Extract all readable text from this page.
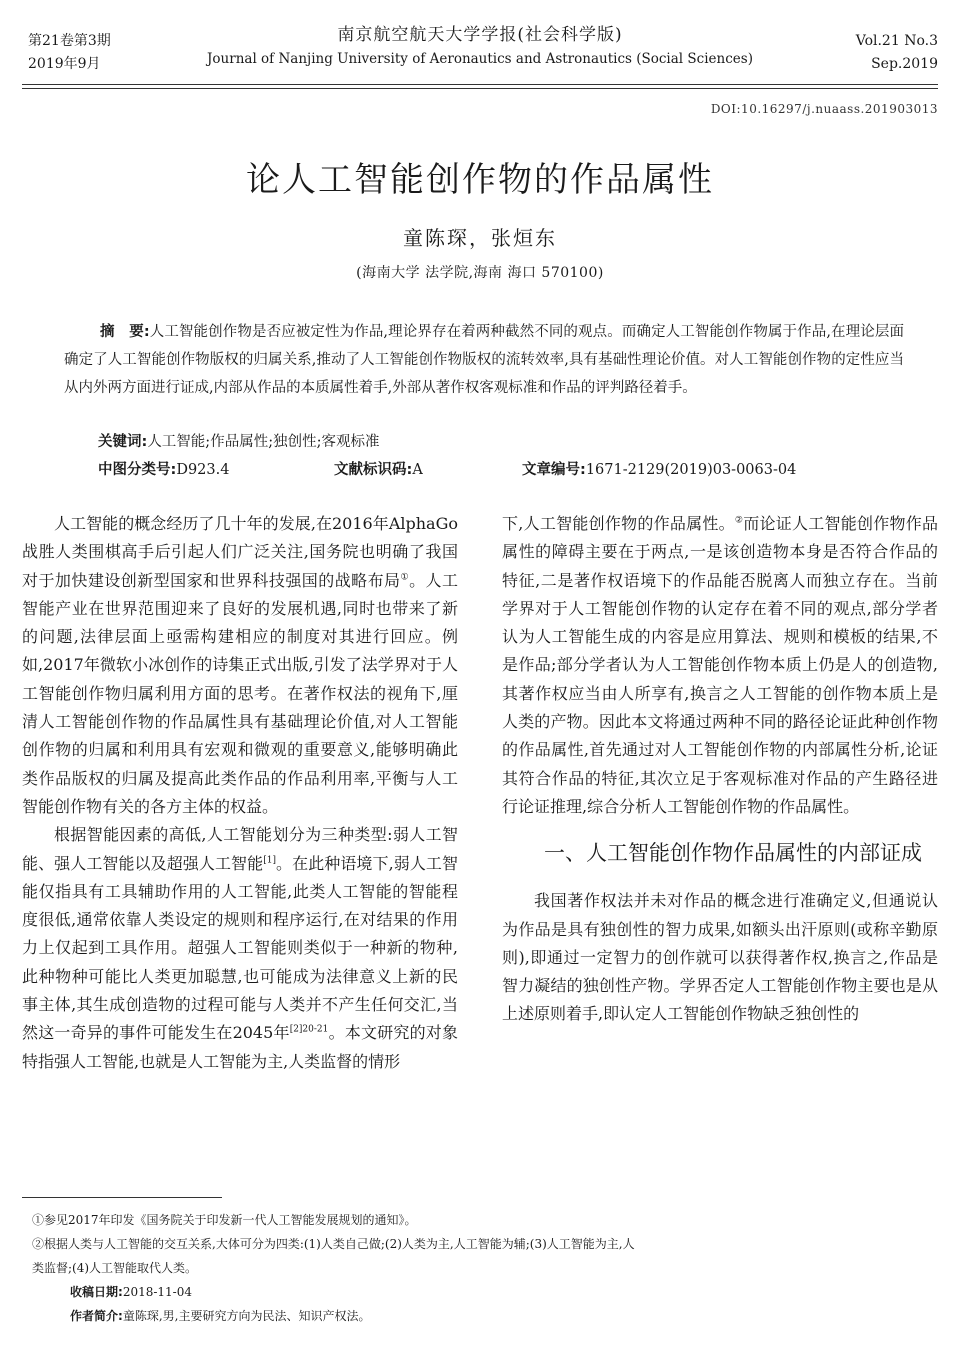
第21卷第3期
2019年9月
南京航空航天大学学报(社会科学版)
Journal of Nanjing University of Aeronautics and Astronautics (Social Sciences)
Vol.21 No.3
Sep.2019
DOI:10.16297/j.nuaass.201903013
论人工智能创作物的作品属性
童陈琛，张烜东
(海南大学 法学院,海南 海口 570100)
摘　要:人工智能创作物是否应被定性为作品,理论界存在着两种截然不同的观点。而确定人工智能创作物属于作品,在理论层面确定了人工智能创作物版权的归属关系,推动了人工智能创作物版权的流转效率,具有基础性理论价值。对人工智能创作物的定性应当从内外两方面进行证成,内部从作品的本质属性着手,外部从著作权客观标准和作品的评判路径着手。
关键词:人工智能;作品属性;独创性;客观标准
中图分类号:D923.4	文献标识码:A	文章编号:1671-2129(2019)03-0063-04

人工智能的概念经历了几十年的发展,在2016年AlphaGo战胜人类围棋高手后引起人们广泛关注,国务院也明确了我国对于加快建设创新型国家和世界科技强国的战略布局①。人工智能产业在世界范围迎来了良好的发展机遇,同时也带来了新的问题,法律层面上亟需构建相应的制度对其进行回应。例如,2017年微软小冰创作的诗集正式出版,引发了法学界对于人工智能创作物归属利用方面的思考。在著作权法的视角下,厘清人工智能创作物的作品属性具有基础理论价值,对人工智能创作物的归属和利用具有宏观和微观的重要意义,能够明确此类作品版权的归属及提高此类作品的作品利用率,平衡与人工智能创作物有关的各方主体的权益。

根据智能因素的高低,人工智能划分为三种类型:弱人工智能、强人工智能以及超强人工智能[1]。在此种语境下,弱人工智能仅指具有工具辅助作用的人工智能,此类人工智能的智能程度很低,通常依靠人类设定的规则和程序运行,在对结果的作用力上仅起到工具作用。超强人工智能则类似于一种新的物种,此种物种可能比人类更加聪慧,也可能成为法律意义上新的民事主体,其生成创造物的过程可能与人类并不产生任何交汇,当然这一奇异的事件可能发生在2045年$^{[2]20-21}$。本文研究的对象特指强人工智能,也就是人工智能为主,人类监督的情形

下,人工智能创作物的作品属性。②而论证人工智能创作物作品属性的障碍主要在于两点,一是该创造物本身是否符合作品的特征,二是著作权语境下的作品能否脱离人而独立存在。当前学界对于人工智能创作物的认定存在着不同的观点,部分学者认为人工智能生成的内容是应用算法、规则和模板的结果,不是作品;部分学者认为人工智能创作物本质上仍是人的创造物,其著作权应当由人所享有,换言之人工智能的创作物本质上是人类的产物。因此本文将通过两种不同的路径论证此种创作物的作品属性,首先通过对人工智能创作物的内部属性分析,论证其符合作品的特征,其次立足于客观标准对作品的产生路径进行论证推理,综合分析人工智能创作物的作品属性。

一、人工智能创作物作品属性的内部证成

我国著作权法并未对作品的概念进行准确定义,但通说认为作品是具有独创性的智力成果,如额头出汗原则(或称辛勤原则),即通过一定智力的创作就可以获得著作权,换言之,作品是智力凝结的独创性产物。学界否定人工智能创作物主要也是从上述原则着手,即认定人工智能创作物缺乏独创性的

①参见2017年印发《国务院关于印发新一代人工智能发展规划的通知》。
②根据人类与人工智能的交互关系,大体可分为四类:(1)人类自己做;(2)人类为主,人工智能为辅;(3)人工智能为主,人
类监督;(4)人工智能取代人类。
收稿日期:2018-11-04
作者简介:童陈琛,男,主要研究方向为民法、知识产权法。
